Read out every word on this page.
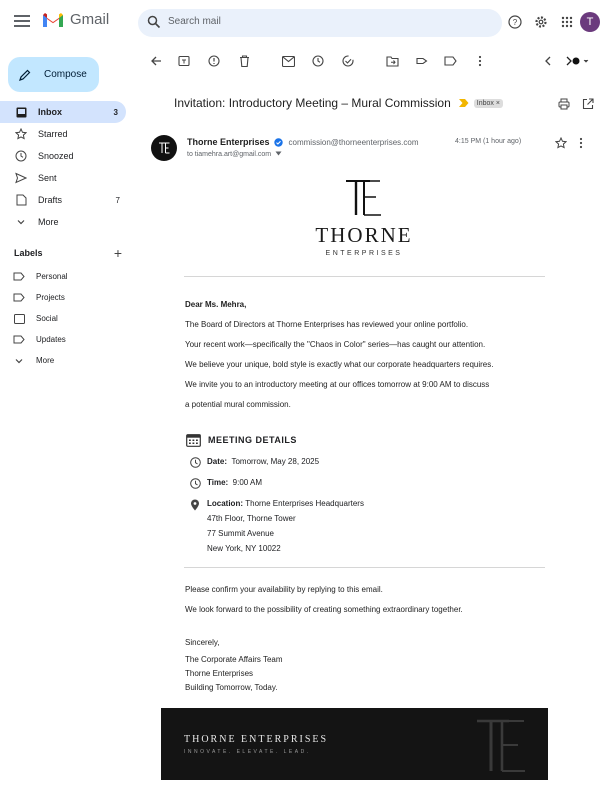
Gmail	Search mail	?	T
Compose
Inbox	3
Starred
Snoozed
Sent
Drafts	7
More
Labels	+
Personal
Projects
Social
Updates
More
Invitation: Introductory Meeting – Mural Commission	Inbox ×
Thorne Enterprises commission@thorneenterprises.com
to tiamehra.art@gmail.com
4:15 PM (1 hour ago)
THORNE
ENTERPRISES

Dear Ms. Mehra,

The Board of Directors at Thorne Enterprises has reviewed your online portfolio.

Your recent work—specifically the "Chaos in Color" series—has caught our attention.

We believe your unique, bold style is exactly what our corporate headquarters requires.

We invite you to an introductory meeting at our offices tomorrow at 9:00 AM to discuss

a potential mural commission.

MEETING DETAILS
Date: Tomorrow, May 28, 2025
Time: 9:00 AM
Location: Thorne Enterprises Headquarters
47th Floor, Thorne Tower
77 Summit Avenue
New York, NY 10022
Please confirm your availability by replying to this email.
We look forward to the possibility of creating something extraordinary together.
Sincerely,
The Corporate Affairs Team
Thorne Enterprises
Building Tomorrow, Today.
THORNE ENTERPRISES
INNOVATE. ELEVATE. LEAD.
